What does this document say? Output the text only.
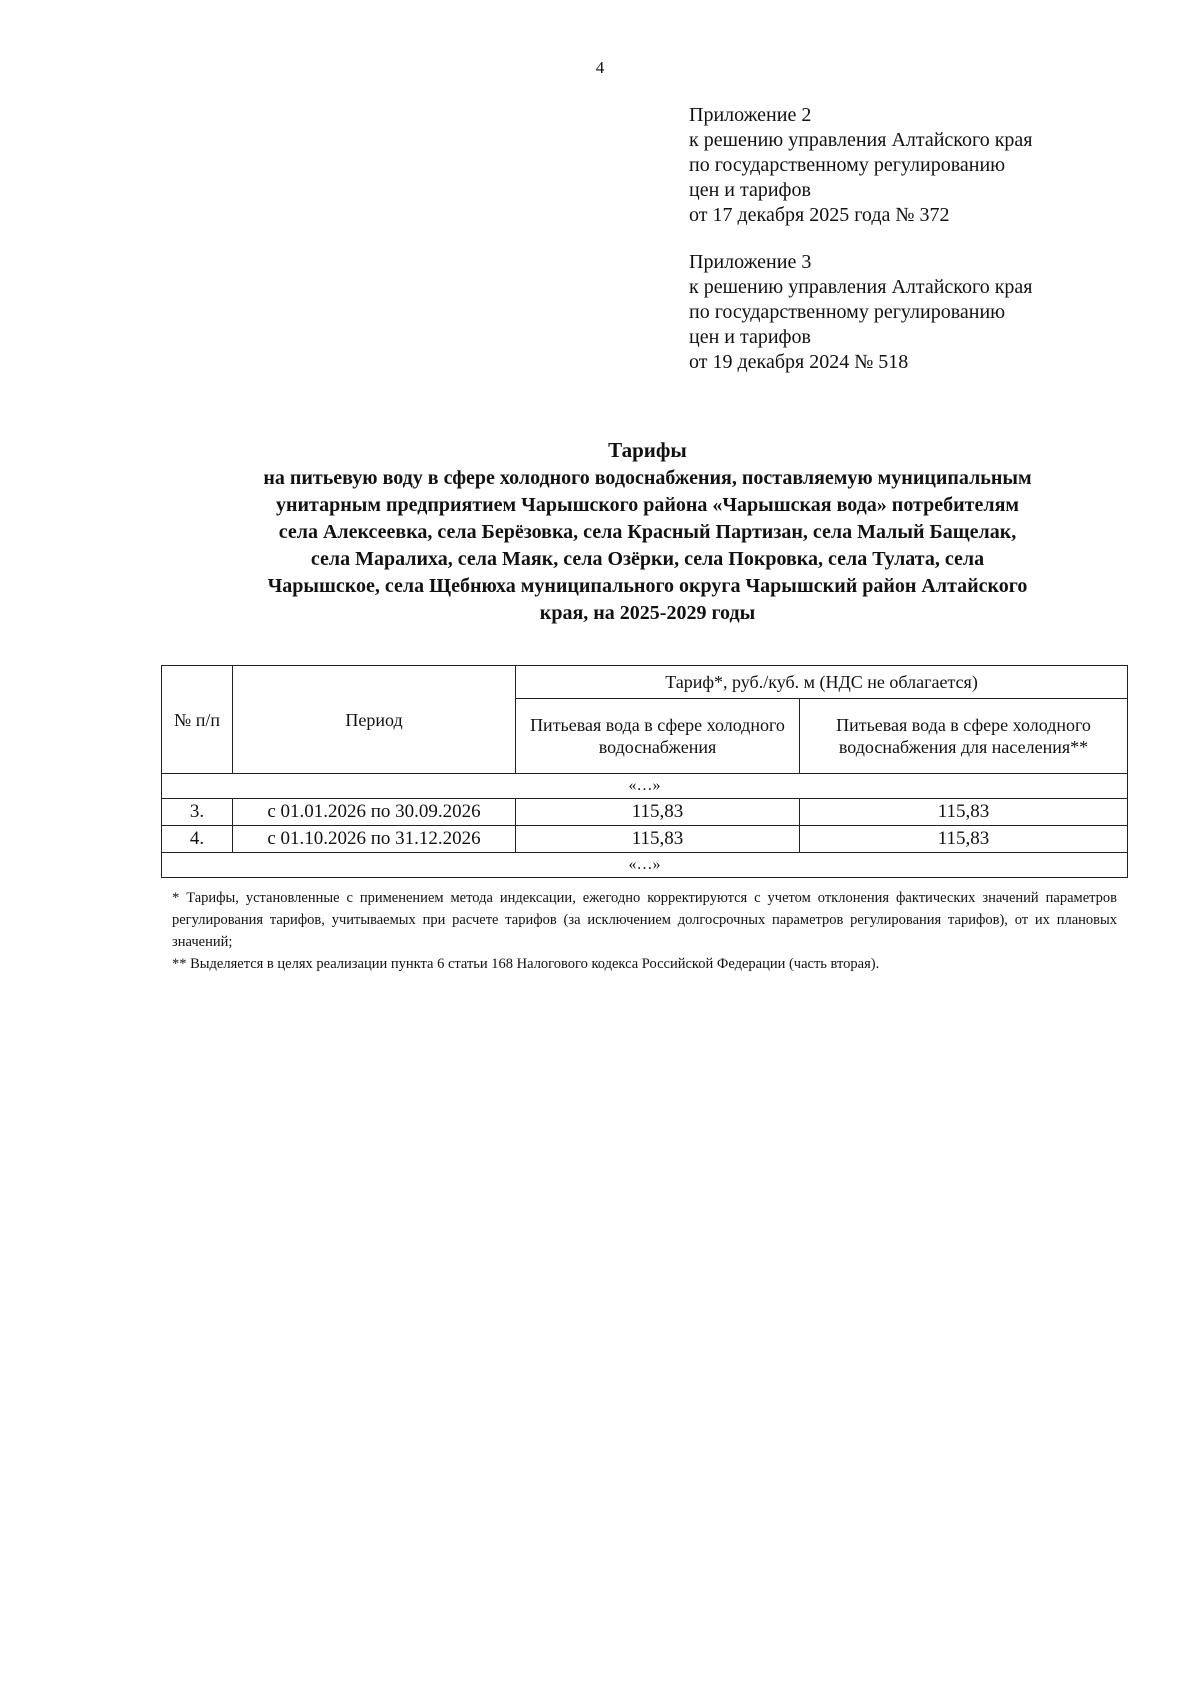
4
Приложение 2
к решению управления Алтайского края
по государственному регулированию
цен и тарифов
от 17 декабря 2025 года № 372
Приложение 3
к решению управления Алтайского края
по государственному регулированию
цен и тарифов
от 19 декабря 2024 № 518
Тарифы
на питьевую воду в сфере холодного водоснабжения, поставляемую муниципальным
унитарным предприятием Чарышского района «Чарышская вода» потребителям
села Алексеевка, села Берёзовка, села Красный Партизан, села Малый Бащелак,
села Маралиха, села Маяк, села Озёрки, села Покровка, села Тулата, села
Чарышское, села Щебнюха муниципального округа Чарышский район Алтайского
края, на 2025-2029 годы
№ п/п	Период	Тариф*, руб./куб. м (НДС не облагается)	
		Питьевая вода в сфере холодного водоснабжения	Питьевая вода в сфере холодного водоснабжения для населения**
«…»			
3.	с 01.01.2026 по 30.09.2026	115,83	115,83
4.	с 01.10.2026 по 31.12.2026	115,83	115,83
«…»			

* Тарифы, установленные с применением метода индексации, ежегодно корректируются с учетом отклонения фактических значений параметров регулирования тарифов, учитываемых при расчете тарифов (за исключением долгосрочных параметров регулирования тарифов), от их плановых значений;

** Выделяется в целях реализации пункта 6 статьи 168 Налогового кодекса Российской Федерации (часть вторая).
